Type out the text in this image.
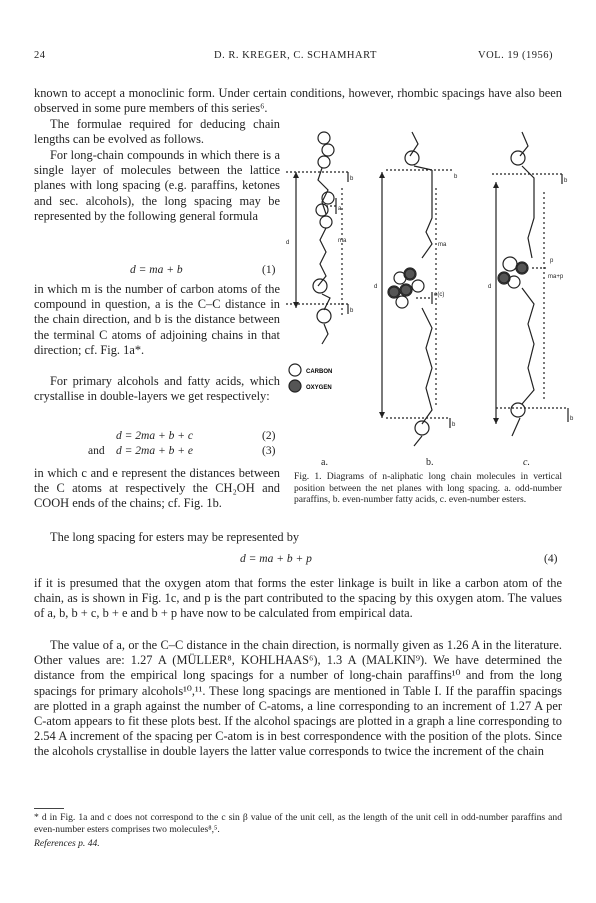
24	D. R. KREGER, C. SCHAMHART	VOL. 19 (1956)
known to accept a monoclinic form. Under certain conditions, however, rhombic spacings have also been observed in some pure members of this series⁶.
The formulae required for deducing chain lengths can be evolved as follows.
For long-chain compounds in which there is a single layer of molecules between the lattice planes with long spacing (e.g. paraffins, ketones and sec. alcohols), the long spacing may be represented by the following general formula
d = ma + b	(1)
in which m is the number of carbon atoms of the compound in question, a is the C–C distance in the chain direction, and b is the distance between the terminal C atoms of adjoining chains in that direction; cf. Fig. 1a*.
For primary alcohols and fatty acids, which crystallise in double-layers we get respectively:
d = 2ma + b + c	(2)
and d = 2ma + b + e	(3)
in which c and e represent the distances between the C atoms at respectively the CH₂OH and COOH ends of the chains; cf. Fig. 1b.
b
a
ma
d
b
b
ma
d
e(c)
b
b
p
ma+p
d
b
CARBON
OXYGEN
a.	b.	c.
Fig. 1. Diagrams of n-aliphatic long chain molecules in vertical position between the net planes with long spacing. a. odd-number paraffins, b. even-number fatty acids, c. even-number esters.
The long spacing for esters may be represented by
d = ma + b + p	(4)
if it is presumed that the oxygen atom that forms the ester linkage is built in like a carbon atom of the chain, as is shown in Fig. 1c, and p is the part contributed to the spacing by this oxygen atom. The values of a, b, b + c, b + e and b + p have now to be calculated from empirical data.
The value of a, or the C–C distance in the chain direction, is normally given as 1.26 A in the literature. Other values are: 1.27 A (MÜLLER⁸, KOHLHAAS⁶), 1.3 A (MALKIN⁹). We have determined the distance from the empirical long spacings for a number of long-chain paraffins¹⁰ and from the long spacings for primary alcohols¹⁰,¹¹. These long spacings are mentioned in Table I. If the paraffin spacings are plotted in a graph against the number of C-atoms, a line corresponding to an increment of 1.27 A per C-atom appears to fit these plots best. If the alcohol spacings are plotted in a graph a line corresponding to 2.54 A increment of the spacing per C-atom is in best correspondence with the position of the plots. Since the alcohols crystallise in double layers the latter value corresponds to twice the increment of the chain
* d in Fig. 1a and c does not correspond to the c sin β value of the unit cell, as the length of the unit cell in odd-number paraffins and even-number esters comprises two molecules⁸,⁵.
References p. 44.
